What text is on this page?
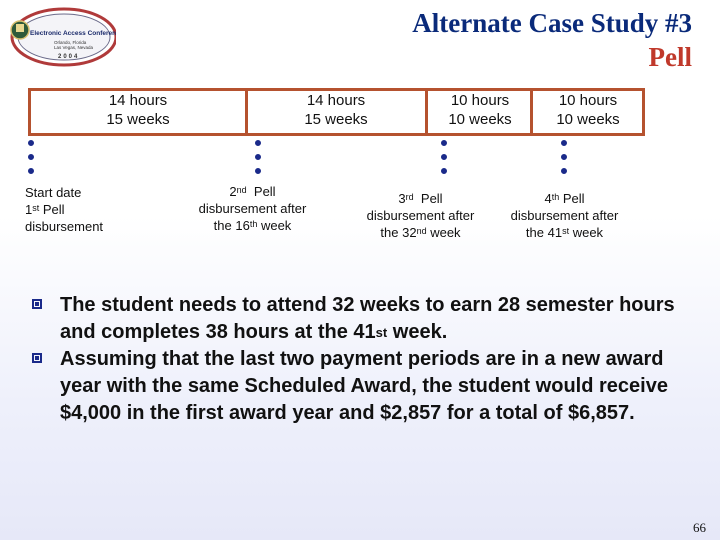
Electronic Access Conference
Orlando, Florida
Las Vegas, Nevada
2004
Alternate Case Study #3
Pell
14 hours
15 weeks
14 hours
15 weeks
10 hours
10 weeks
10 hours
10 weeks
Start date
1st Pell
disbursement
2nd  Pell
disbursement after
the 16th week
3rd  Pell
disbursement after
the 32nd week
4th Pell
disbursement after
the 41st week
The student needs to attend 32 weeks to earn 28 semester hours and completes 38 hours at the 41st week.
Assuming that the last two payment periods are in a new award year with the same Scheduled Award, the student would receive $4,000 in the first award year and $2,857 for a total of $6,857.
66
